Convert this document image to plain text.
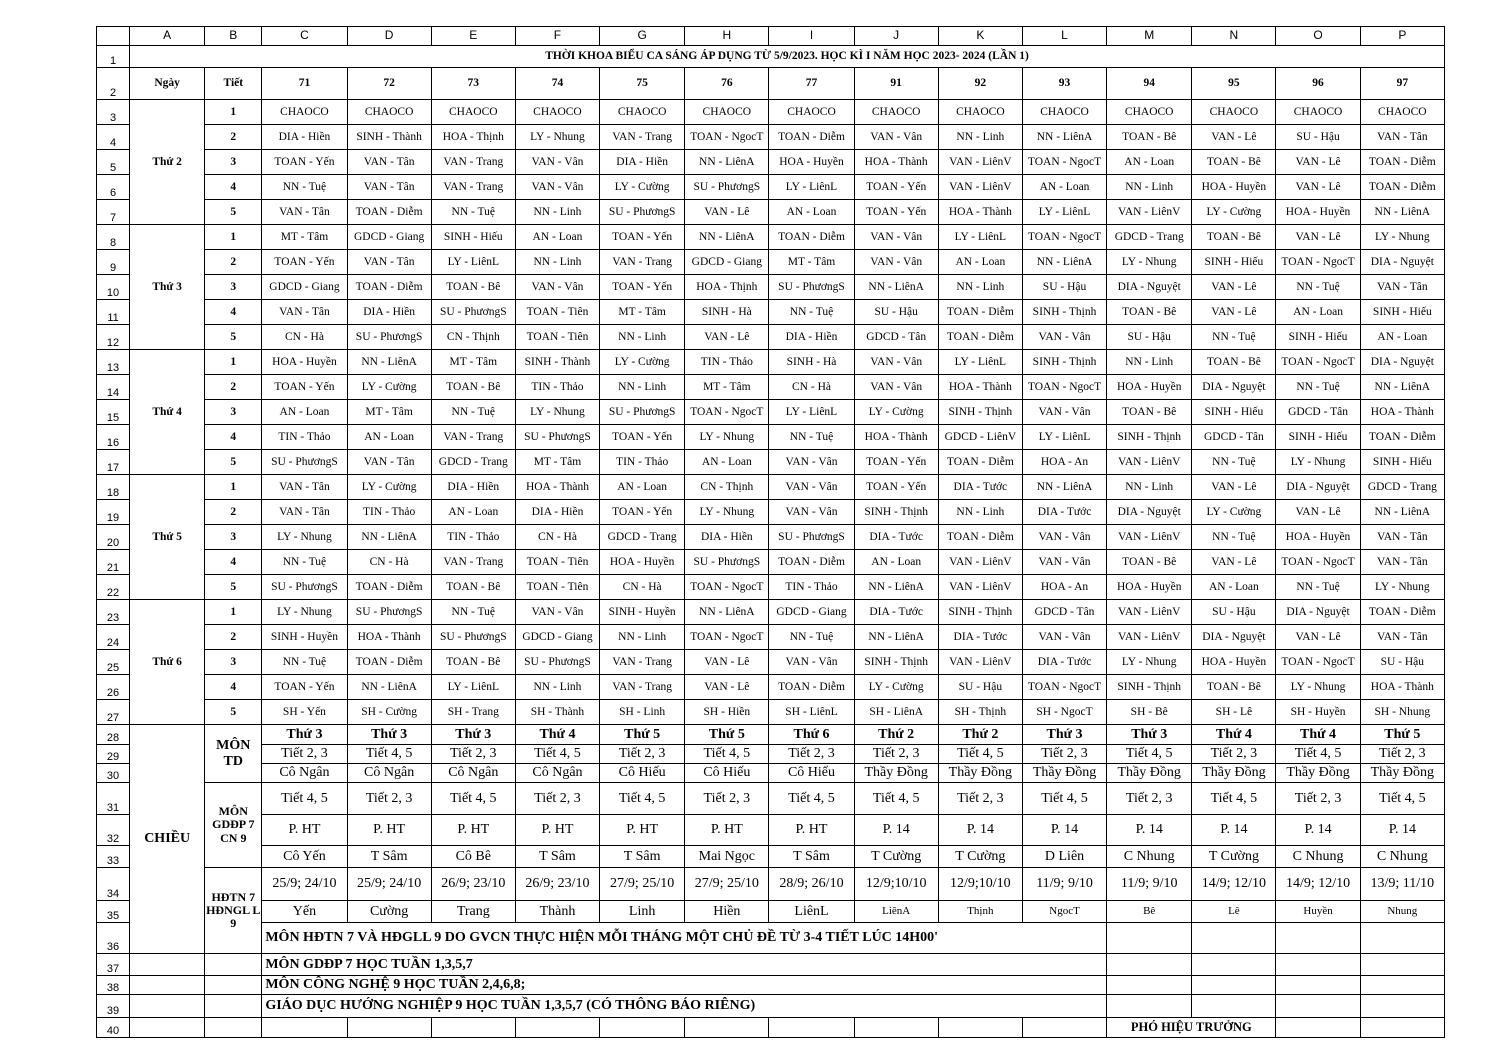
	A	B	C	D	E	F	G	H	I	J	K	L	M	N	O	P
1	THỜI KHOA BIỂU CA SÁNG ÁP DỤNG TỪ 5/9/2023. HỌC KÌ I NĂM HỌC 2023- 2024 (LẦN 1)															
2	Ngày	Tiết	71	72	73	74	75	76	77	91	92	93	94	95	96	97
3	Thứ 2	1	CHAOCO	CHAOCO	CHAOCO	CHAOCO	CHAOCO	CHAOCO	CHAOCO	CHAOCO	CHAOCO	CHAOCO	CHAOCO	CHAOCO	CHAOCO	CHAOCO
4		2	DIA - Hiền	SINH - Thành	HOA - Thịnh	LY - Nhung	VAN - Trang	TOAN - NgocT	TOAN - Diễm	VAN - Vân	NN - Linh	NN - LiênA	TOAN - Bê	VAN - Lê	SU - Hậu	VAN - Tân
5		3	TOAN - Yến	VAN - Tân	VAN - Trang	VAN - Vân	DIA - Hiền	NN - LiênA	HOA - Huyền	HOA - Thành	VAN - LiênV	TOAN - NgocT	AN - Loan	TOAN - Bê	VAN - Lê	TOAN - Diễm
6		4	NN - Tuệ	VAN - Tân	VAN - Trang	VAN - Vân	LY - Cường	SU - PhươngS	LY - LiênL	TOAN - Yến	VAN - LiênV	AN - Loan	NN - Linh	HOA - Huyền	VAN - Lê	TOAN - Diễm
7		5	VAN - Tân	TOAN - Diễm	NN - Tuệ	NN - Linh	SU - PhươngS	VAN - Lê	AN - Loan	TOAN - Yến	HOA - Thành	LY - LiênL	VAN - LiênV	LY - Cường	HOA - Huyền	NN - LiênA
8	Thứ 3	1	MT - Tâm	GDCD - Giang	SINH - Hiếu	AN - Loan	TOAN - Yến	NN - LiênA	TOAN - Diễm	VAN - Vân	LY - LiênL	TOAN - NgocT	GDCD - Trang	TOAN - Bê	VAN - Lê	LY - Nhung
9		2	TOAN - Yến	VAN - Tân	LY - LiênL	NN - Linh	VAN - Trang	GDCD - Giang	MT - Tâm	VAN - Vân	AN - Loan	NN - LiênA	LY - Nhung	SINH - Hiếu	TOAN - NgocT	DIA - Nguyệt
10		3	GDCD - Giang	TOAN - Diễm	TOAN - Bê	VAN - Vân	TOAN - Yến	HOA - Thịnh	SU - PhươngS	NN - LiênA	NN - Linh	SU - Hậu	DIA - Nguyệt	VAN - Lê	NN - Tuệ	VAN - Tân
11		4	VAN - Tân	DIA - Hiền	SU - PhươngS	TOAN - Tiên	MT - Tâm	SINH - Hà	NN - Tuệ	SU - Hậu	TOAN - Diễm	SINH - Thịnh	TOAN - Bê	VAN - Lê	AN - Loan	SINH - Hiếu
12		5	CN - Hà	SU - PhươngS	CN - Thịnh	TOAN - Tiên	NN - Linh	VAN - Lê	DIA - Hiền	GDCD - Tân	TOAN - Diễm	VAN - Vân	SU - Hậu	NN - Tuệ	SINH - Hiếu	AN - Loan
13	Thứ 4	1	HOA - Huyền	NN - LiênA	MT - Tâm	SINH - Thành	LY - Cường	TIN - Thảo	SINH - Hà	VAN - Vân	LY - LiênL	SINH - Thịnh	NN - Linh	TOAN - Bê	TOAN - NgocT	DIA - Nguyệt
14		2	TOAN - Yến	LY - Cường	TOAN - Bê	TIN - Thảo	NN - Linh	MT - Tâm	CN - Hà	VAN - Vân	HOA - Thành	TOAN - NgocT	HOA - Huyền	DIA - Nguyệt	NN - Tuệ	NN - LiênA
15		3	AN - Loan	MT - Tâm	NN - Tuệ	LY - Nhung	SU - PhươngS	TOAN - NgocT	LY - LiênL	LY - Cường	SINH - Thịnh	VAN - Vân	TOAN - Bê	SINH - Hiếu	GDCD - Tân	HOA - Thành
16		4	TIN - Thảo	AN - Loan	VAN - Trang	SU - PhươngS	TOAN - Yến	LY - Nhung	NN - Tuệ	HOA - Thành	GDCD - LiênV	LY - LiênL	SINH - Thịnh	GDCD - Tân	SINH - Hiếu	TOAN - Diễm
17		5	SU - PhươngS	VAN - Tân	GDCD - Trang	MT - Tâm	TIN - Thảo	AN - Loan	VAN - Vân	TOAN - Yến	TOAN - Diễm	HOA - An	VAN - LiênV	NN - Tuệ	LY - Nhung	SINH - Hiếu
18	Thứ 5	1	VAN - Tân	LY - Cường	DIA - Hiền	HOA - Thành	AN - Loan	CN - Thịnh	VAN - Vân	TOAN - Yến	DIA - Tước	NN - LiênA	NN - Linh	VAN - Lê	DIA - Nguyệt	GDCD - Trang
19		2	VAN - Tân	TIN - Thảo	AN - Loan	DIA - Hiền	TOAN - Yến	LY - Nhung	VAN - Vân	SINH - Thịnh	NN - Linh	DIA - Tước	DIA - Nguyệt	LY - Cường	VAN - Lê	NN - LiênA
20		3	LY - Nhung	NN - LiênA	TIN - Thảo	CN - Hà	GDCD - Trang	DIA - Hiền	SU - PhươngS	DIA - Tước	TOAN - Diễm	VAN - Vân	VAN - LiênV	NN - Tuệ	HOA - Huyền	VAN - Tân
21		4	NN - Tuệ	CN - Hà	VAN - Trang	TOAN - Tiên	HOA - Huyền	SU - PhươngS	TOAN - Diễm	AN - Loan	VAN - LiênV	VAN - Vân	TOAN - Bê	VAN - Lê	TOAN - NgocT	VAN - Tân
22		5	SU - PhươngS	TOAN - Diễm	TOAN - Bê	TOAN - Tiên	CN - Hà	TOAN - NgocT	TIN - Thảo	NN - LiênA	VAN - LiênV	HOA - An	HOA - Huyền	AN - Loan	NN - Tuệ	LY - Nhung
23	Thứ 6	1	LY - Nhung	SU - PhươngS	NN - Tuệ	VAN - Vân	SINH - Huyền	NN - LiênA	GDCD - Giang	DIA - Tước	SINH - Thịnh	GDCD - Tân	VAN - LiênV	SU - Hậu	DIA - Nguyệt	TOAN - Diễm
24		2	SINH - Huyền	HOA - Thành	SU - PhươngS	GDCD - Giang	NN - Linh	TOAN - NgocT	NN - Tuệ	NN - LiênA	DIA - Tước	VAN - Vân	VAN - LiênV	DIA - Nguyệt	VAN - Lê	VAN - Tân
25		3	NN - Tuệ	TOAN - Diễm	TOAN - Bê	SU - PhươngS	VAN - Trang	VAN - Lê	VAN - Vân	SINH - Thịnh	VAN - LiênV	DIA - Tước	LY - Nhung	HOA - Huyền	TOAN - NgocT	SU - Hậu
26		4	TOAN - Yến	NN - LiênA	LY - LiênL	NN - Linh	VAN - Trang	VAN - Lê	TOAN - Diễm	LY - Cường	SU - Hậu	TOAN - NgocT	SINH - Thịnh	TOAN - Bê	LY - Nhung	HOA - Thành
27		5	SH - Yến	SH - Cường	SH - Trang	SH - Thành	SH - Linh	SH - Hiền	SH - LiênL	SH - LiênA	SH - Thịnh	SH - NgocT	SH - Bê	SH - Lê	SH - Huyền	SH - Nhung
28	CHIỀU	MÔN TD	Thứ 3	Thứ 3	Thứ 3	Thứ 4	Thứ 5	Thứ 5	Thứ 6	Thứ 2	Thứ 2	Thứ 3	Thứ 3	Thứ 4	Thứ 4	Thứ 5
29			Tiết 2, 3	Tiết 4, 5	Tiết 2, 3	Tiết 4, 5	Tiết 2, 3	Tiết 4, 5	Tiết 2, 3	Tiết 2, 3	Tiết 4, 5	Tiết 2, 3	Tiết 4, 5	Tiết 2, 3	Tiết 4, 5	Tiết 2, 3
30			Cô Ngân	Cô Ngân	Cô Ngân	Cô Ngân	Cô Hiếu	Cô Hiếu	Cô Hiếu	Thầy Đồng	Thầy Đồng	Thầy Đồng	Thầy Đồng	Thầy Đồng	Thầy Đồng	Thầy Đồng
31		MÔN GDĐP 7 CN 9	Tiết 4, 5	Tiết 2, 3	Tiết 4, 5	Tiết 2, 3	Tiết 4, 5	Tiết 2, 3	Tiết 4, 5	Tiết 4, 5	Tiết 2, 3	Tiết 4, 5	Tiết 2, 3	Tiết 4, 5	Tiết 2, 3	Tiết 4, 5
32			P. HT	P. HT	P. HT	P. HT	P. HT	P. HT	P. HT	P. 14	P. 14	P. 14	P. 14	P. 14	P. 14	P. 14
33			Cô Yến	T Sâm	Cô Bê	T Sâm	T Sâm	Mai Ngọc	T Sâm	T Cường	T Cường	D Liên	C Nhung	T Cường	C Nhung	C Nhung
34		HĐTN 7 HĐNGL L 9	25/9; 24/10	25/9; 24/10	26/9; 23/10	26/9; 23/10	27/9; 25/10	27/9; 25/10	28/9; 26/10	12/9;10/10	12/9;10/10	11/9; 9/10	11/9; 9/10	14/9; 12/10	14/9; 12/10	13/9; 11/10
35			Yến	Cường	Trang	Thành	Linh	Hiền	LiênL	LiênA	Thịnh	NgocT	Bê	Lê	Huyền	Nhung
36			MÔN HĐTN 7 VÀ HĐGLL 9 DO GVCN THỰC HIỆN MỖI THÁNG MỘT CHỦ ĐỀ TỪ 3-4 TIẾT LÚC 14H00'													
37			MÔN GDĐP 7 HỌC TUẦN 1,3,5,7													
38			MÔN CÔNG NGHỆ 9 HỌC TUẦN 2,4,6,8;													
39			GIÁO DỤC HƯỚNG NGHIỆP 9 HỌC TUẦN 1,3,5,7 (CÓ THÔNG BÁO RIÊNG)													
40													PHÓ HIỆU TRƯỞNG			
